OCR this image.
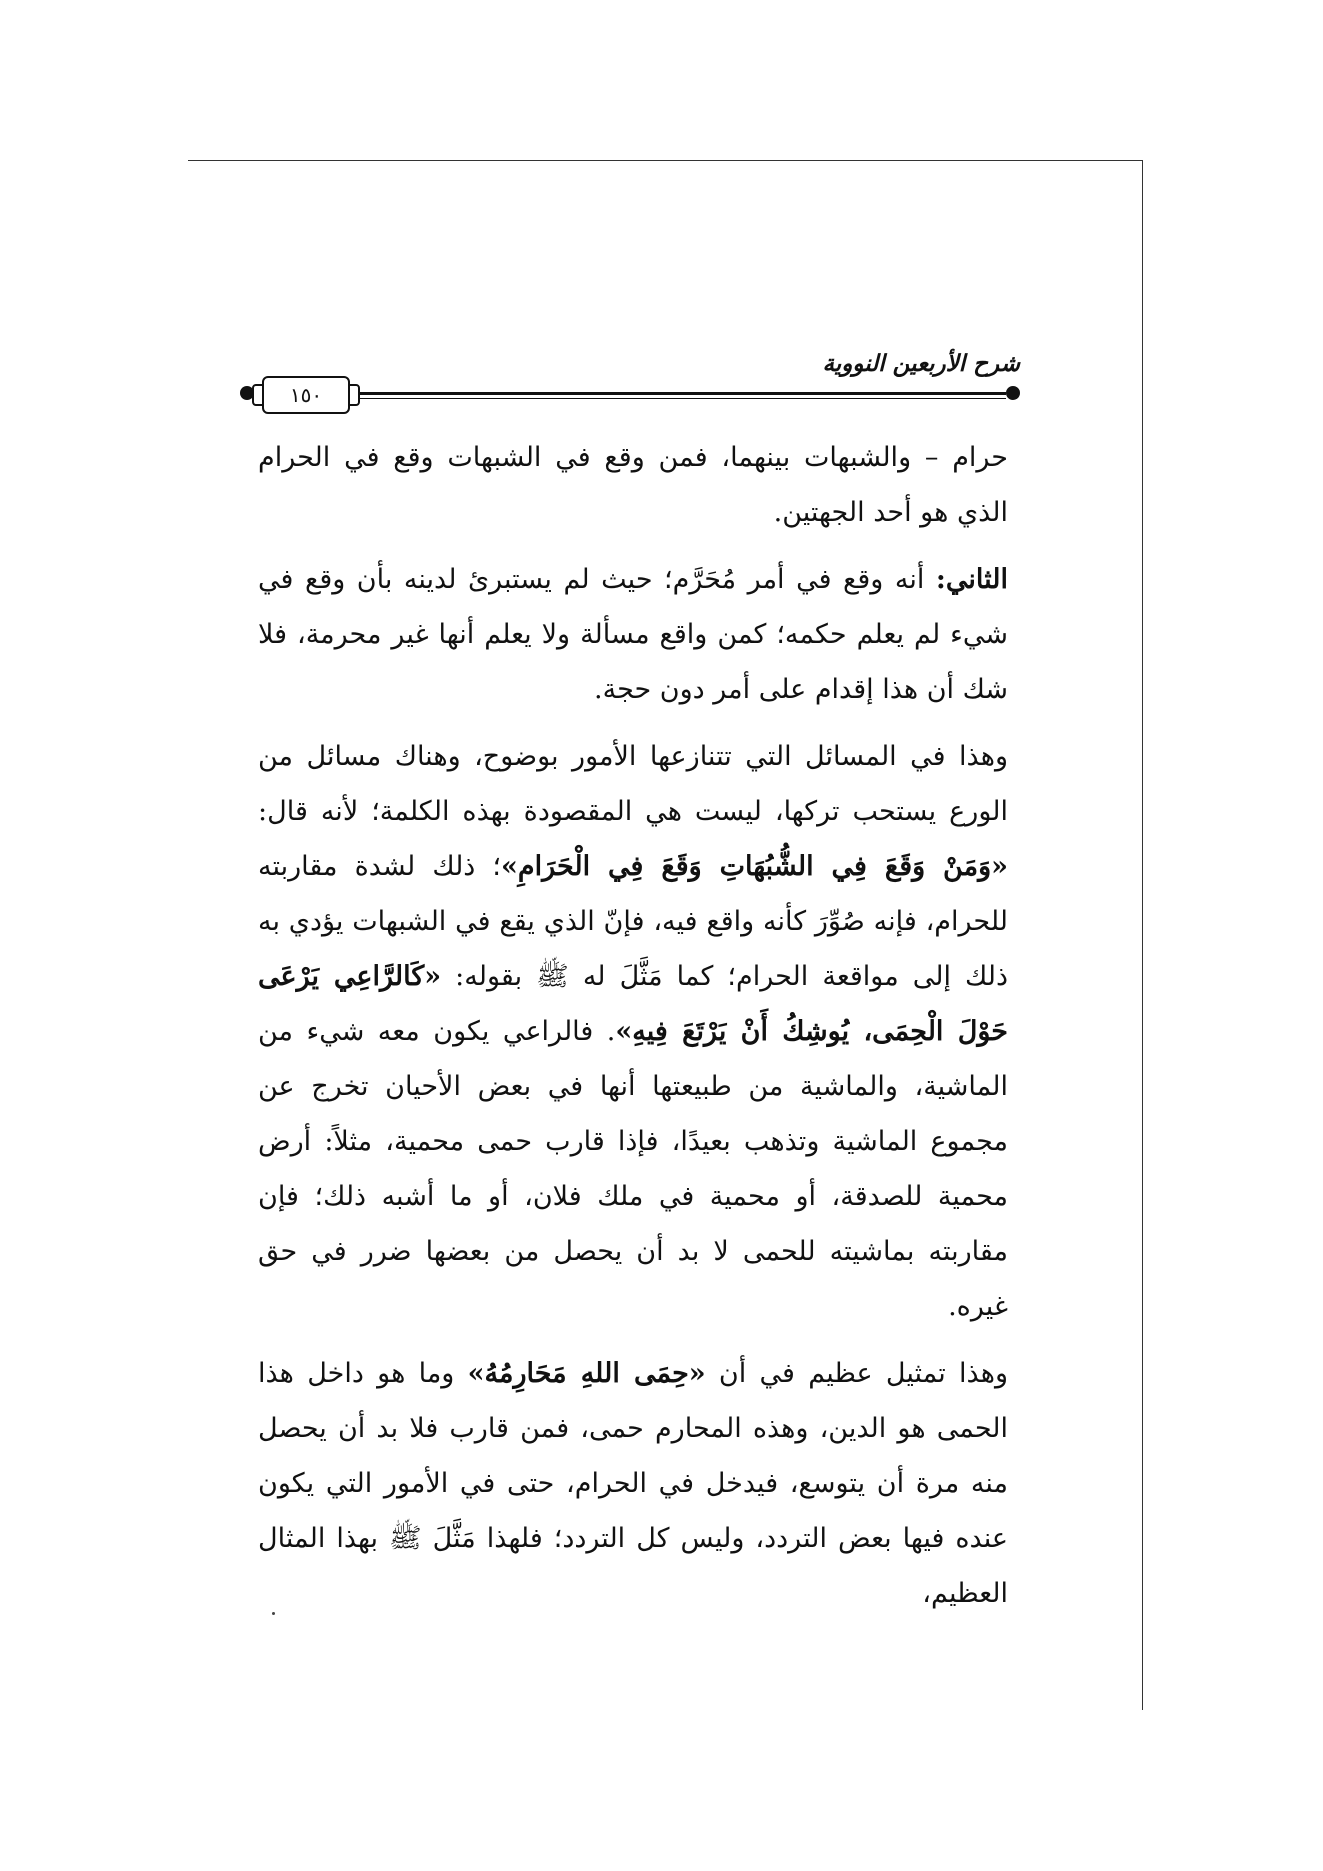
شرح الأربعين النووية
١٥٠

حرام – والشبهات بينهما، فمن وقع في الشبهات وقع في الحرام الذي هو أحد الجهتين.

الثاني: أنه وقع في أمر مُحَرَّم؛ حيث لم يستبرئ لدينه بأن وقع في شيء لم يعلم حكمه؛ كمن واقع مسألة ولا يعلم أنها غير محرمة، فلا شك أن هذا إقدام على أمر دون حجة.

وهذا في المسائل التي تتنازعها الأمور بوضوح، وهناك مسائل من الورع يستحب تركها، ليست هي المقصودة بهذه الكلمة؛ لأنه قال: «وَمَنْ وَقَعَ فِي الشُّبُهَاتِ وَقَعَ فِي الْحَرَامِ»؛ ذلك لشدة مقاربته للحرام، فإنه صُوِّرَ كأنه واقع فيه، فإنّ الذي يقع في الشبهات يؤدي به ذلك إلى مواقعة الحرام؛ كما مَثَّلَ له ﷺ بقوله: «كَالرَّاعِي يَرْعَى حَوْلَ الْحِمَى، يُوشِكُ أَنْ يَرْتَعَ فِيهِ». فالراعي يكون معه شيء من الماشية، والماشية من طبيعتها أنها في بعض الأحيان تخرج عن مجموع الماشية وتذهب بعيدًا، فإذا قارب حمى محمية، مثلاً: أرض محمية للصدقة، أو محمية في ملك فلان، أو ما أشبه ذلك؛ فإن مقاربته بماشيته للحمى لا بد أن يحصل من بعضها ضرر في حق غيره.

وهذا تمثيل عظيم في أن «حِمَى اللهِ مَحَارِمُهُ» وما هو داخل هذا الحمى هو الدين، وهذه المحارم حمى، فمن قارب فلا بد أن يحصل منه مرة أن يتوسع، فيدخل في الحرام، حتى في الأمور التي يكون عنده فيها بعض التردد، وليس كل التردد؛ فلهذا مَثَّلَ ﷺ بهذا المثال العظيم،
